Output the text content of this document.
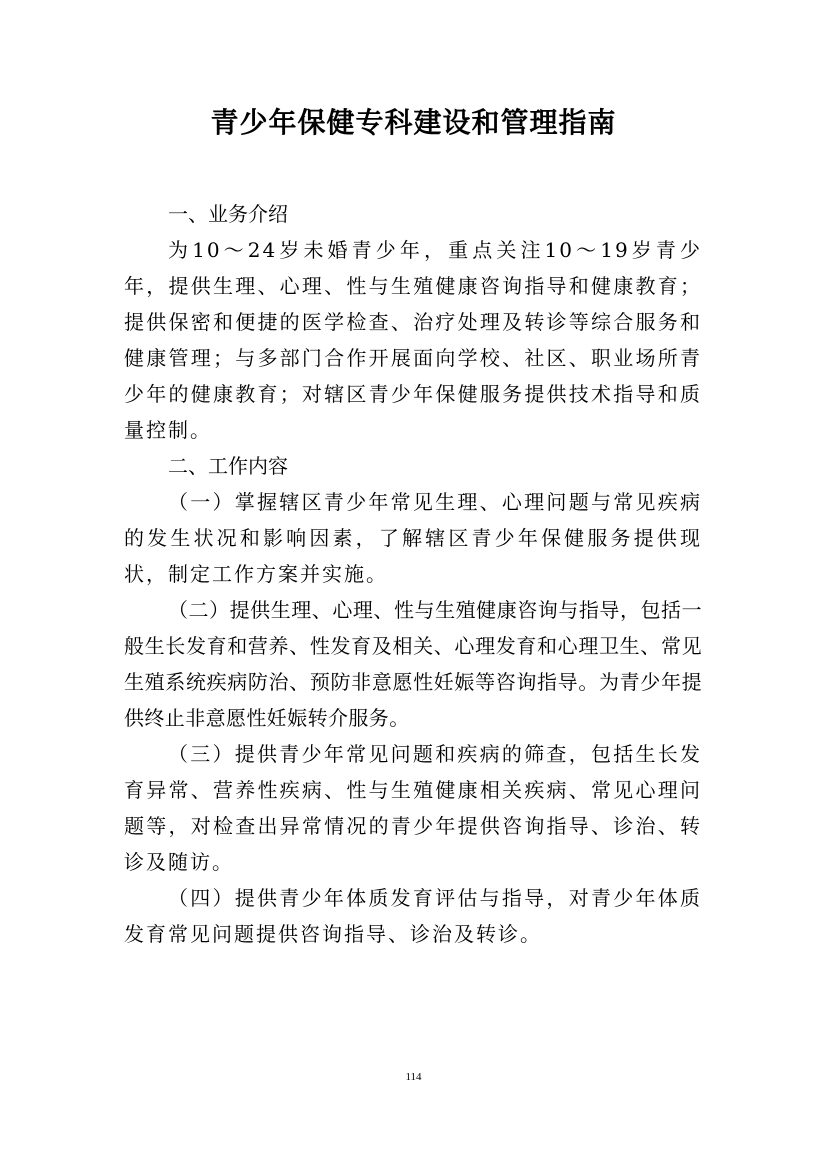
青少年保健专科建设和管理指南
一、业务介绍

为10～24岁未婚青少年，重点关注10～19岁青少年，提供生理、心理、性与生殖健康咨询指导和健康教育；提供保密和便捷的医学检查、治疗处理及转诊等综合服务和健康管理；与多部门合作开展面向学校、社区、职业场所青少年的健康教育；对辖区青少年保健服务提供技术指导和质量控制。

二、工作内容

（一）掌握辖区青少年常见生理、心理问题与常见疾病的发生状况和影响因素，了解辖区青少年保健服务提供现状，制定工作方案并实施。

（二）提供生理、心理、性与生殖健康咨询与指导，包括一般生长发育和营养、性发育及相关、心理发育和心理卫生、常见生殖系统疾病防治、预防非意愿性妊娠等咨询指导。为青少年提供终止非意愿性妊娠转介服务。

（三）提供青少年常见问题和疾病的筛查，包括生长发育异常、营养性疾病、性与生殖健康相关疾病、常见心理问题等，对检查出异常情况的青少年提供咨询指导、诊治、转诊及随访。

（四）提供青少年体质发育评估与指导，对青少年体质发育常见问题提供咨询指导、诊治及转诊。

114
